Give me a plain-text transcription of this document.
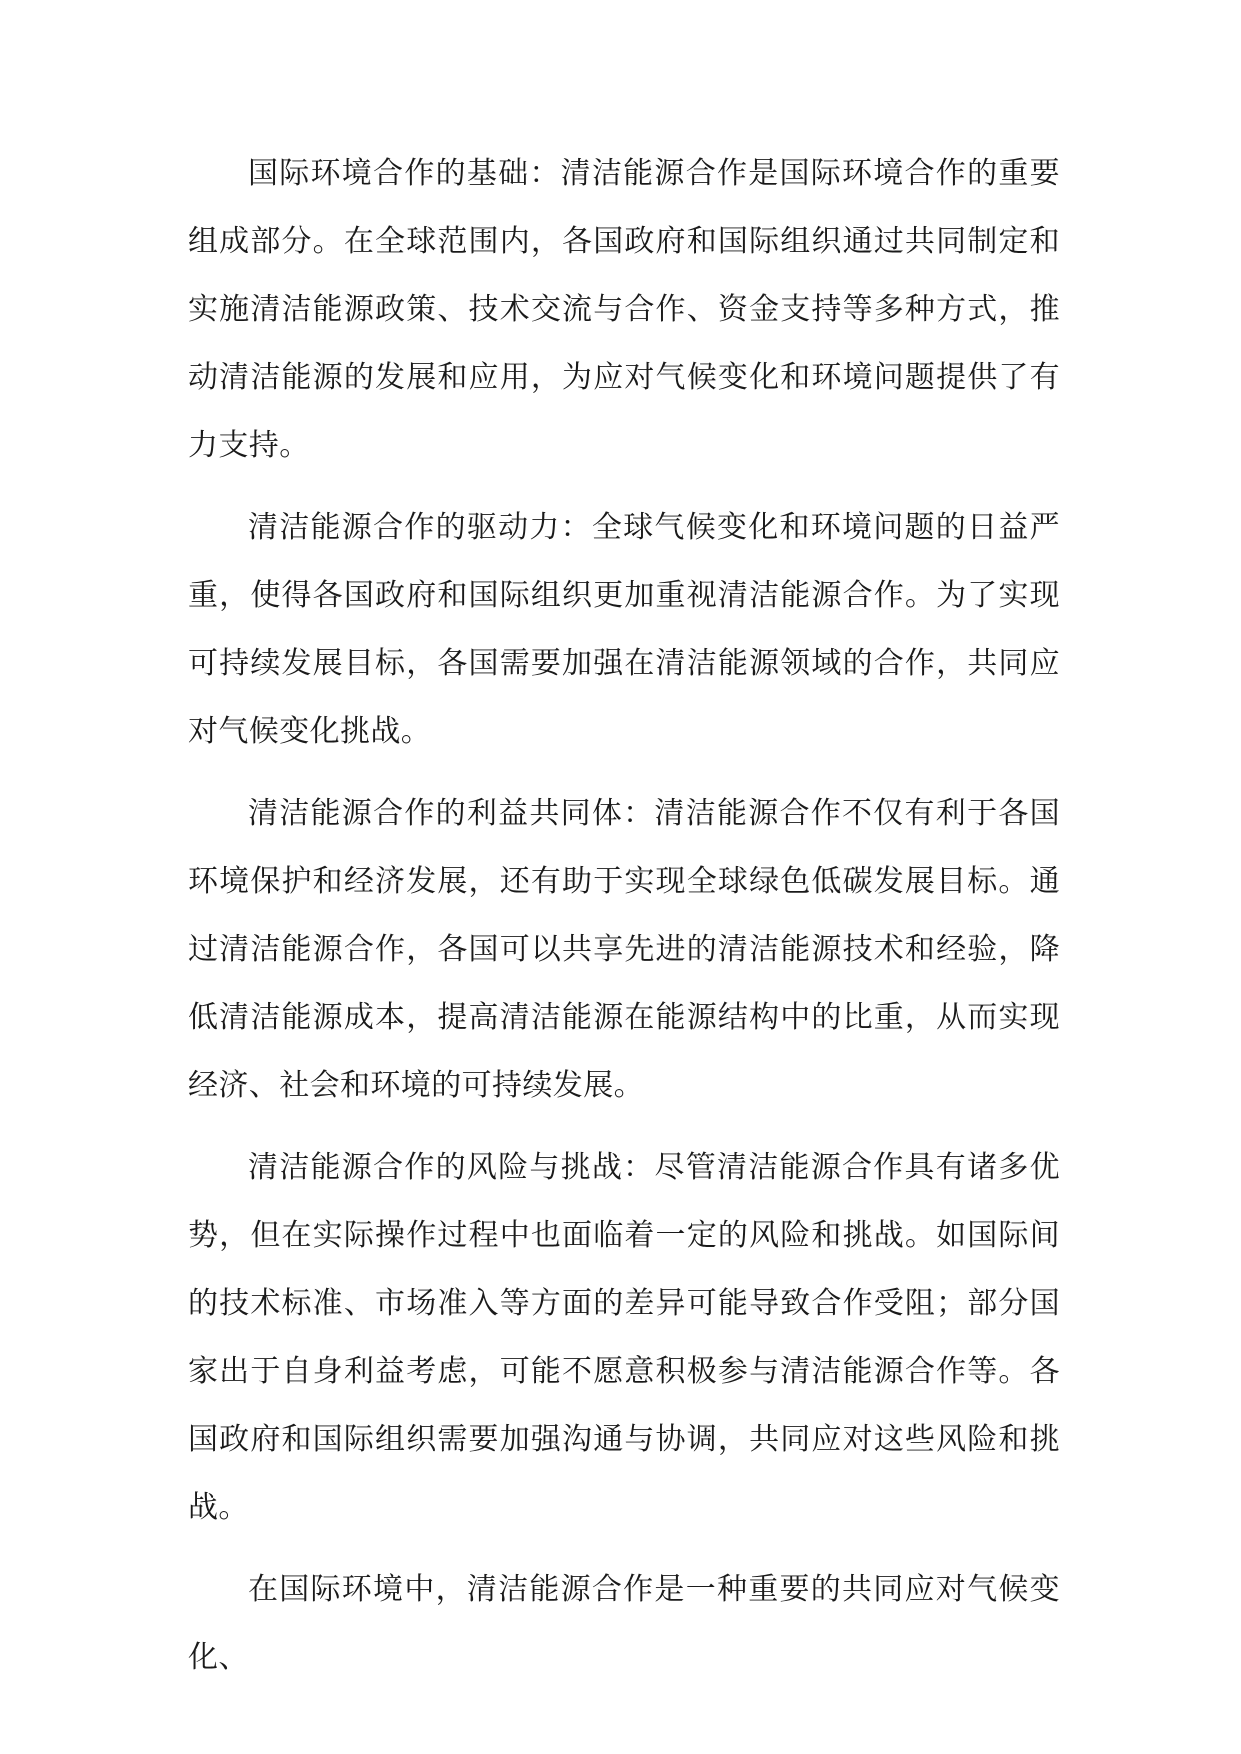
国际环境合作的基础：清洁能源合作是国际环境合作的重要组成部分。在全球范围内，各国政府和国际组织通过共同制定和实施清洁能源政策、技术交流与合作、资金支持等多种方式，推动清洁能源的发展和应用，为应对气候变化和环境问题提供了有力支持。

清洁能源合作的驱动力：全球气候变化和环境问题的日益严重，使得各国政府和国际组织更加重视清洁能源合作。为了实现可持续发展目标，各国需要加强在清洁能源领域的合作，共同应对气候变化挑战。

清洁能源合作的利益共同体：清洁能源合作不仅有利于各国环境保护和经济发展，还有助于实现全球绿色低碳发展目标。通过清洁能源合作，各国可以共享先进的清洁能源技术和经验，降低清洁能源成本，提高清洁能源在能源结构中的比重，从而实现经济、社会和环境的可持续发展。

清洁能源合作的风险与挑战：尽管清洁能源合作具有诸多优势，但在实际操作过程中也面临着一定的风险和挑战。如国际间的技术标准、市场准入等方面的差异可能导致合作受阻；部分国家出于自身利益考虑，可能不愿意积极参与清洁能源合作等。各国政府和国际组织需要加强沟通与协调，共同应对这些风险和挑战。

在国际环境中，清洁能源合作是一种重要的共同应对气候变化、
